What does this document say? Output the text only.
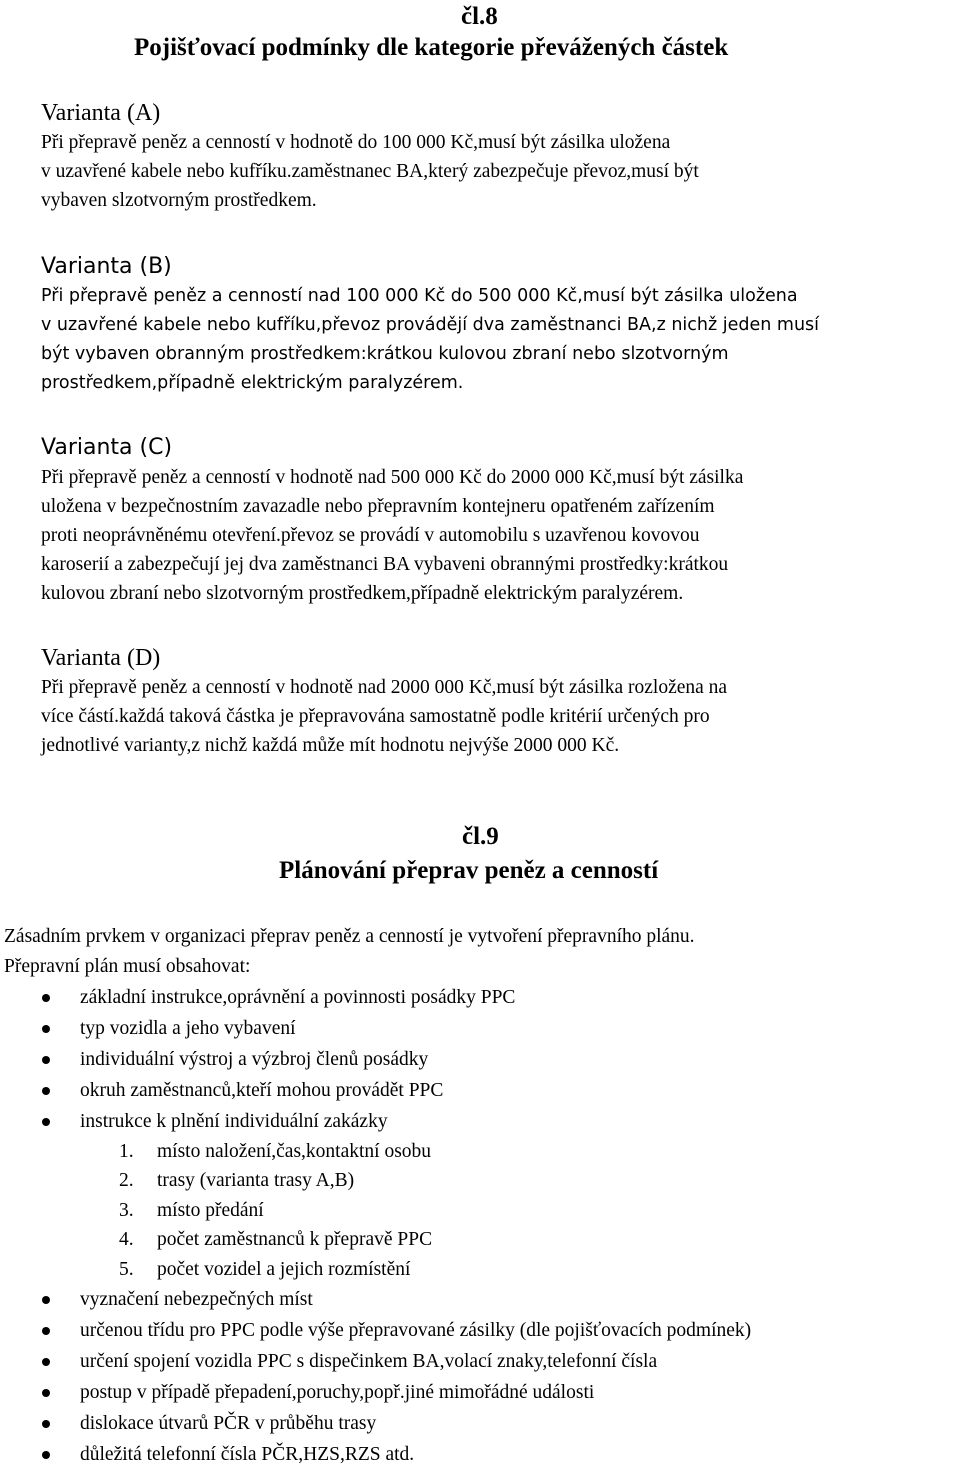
čl.8
Pojišťovací podmínky dle kategorie převážených částek
Varianta (A)
Při přepravě peněz a cenností v hodnotě do 100 000 Kč,musí být zásilka uložena
v uzavřené kabele nebo kufříku.zaměstnanec BA,který zabezpečuje převoz,musí být
vybaven slzotvorným prostředkem.
Varianta (B)
Při přepravě peněz a cenností nad 100 000 Kč do 500 000 Kč,musí být zásilka uložena
v uzavřené kabele nebo kufříku,převoz provádějí dva zaměstnanci BA,z nichž jeden musí
být vybaven obranným prostředkem:krátkou kulovou zbraní nebo slzotvorným
prostředkem,případně elektrickým paralyzérem.
Varianta (C)
Při přepravě peněz a cenností v hodnotě nad 500 000 Kč do 2000 000 Kč,musí být zásilka
uložena v bezpečnostním zavazadle nebo přepravním kontejneru opatřeném zařízením
proti neoprávněnému otevření.převoz se provádí v automobilu s uzavřenou kovovou
karoserií a zabezpečují jej dva zaměstnanci BA vybaveni obrannými prostředky:krátkou
kulovou zbraní nebo slzotvorným prostředkem,případně elektrickým paralyzérem.
Varianta (D)
Při přepravě peněz a cenností v hodnotě nad 2000 000 Kč,musí být zásilka rozložena na
více částí.každá taková částka je přepravována samostatně podle kritérií určených pro
jednotlivé varianty,z nichž každá může mít hodnotu nejvýše 2000 000 Kč.
čl.9
Plánování přeprav peněz a cenností
Zásadním prvkem v organizaci přeprav peněz a cenností je vytvoření přepravního plánu.
Přepravní plán musí obsahovat:
základní instrukce,oprávnění a povinnosti posádky PPC
typ vozidla a jeho vybavení
individuální výstroj a výzbroj členů posádky
okruh zaměstnanců,kteří mohou provádět PPC
instrukce k plnění individuální zakázky
1. místo naložení,čas,kontaktní osobu
2. trasy (varianta trasy A,B)
3. místo předání
4. počet zaměstnanců k přepravě PPC
5. počet vozidel a jejich rozmístění
vyznačení nebezpečných míst
určenou třídu pro PPC podle výše přepravované zásilky (dle pojišťovacích podmínek)
určení spojení vozidla PPC s dispečinkem BA,volací znaky,telefonní čísla
postup v případě přepadení,poruchy,popř.jiné mimořádné události
dislokace útvarů PČR v průběhu trasy
důležitá telefonní čísla PČR,HZS,RZS atd.
